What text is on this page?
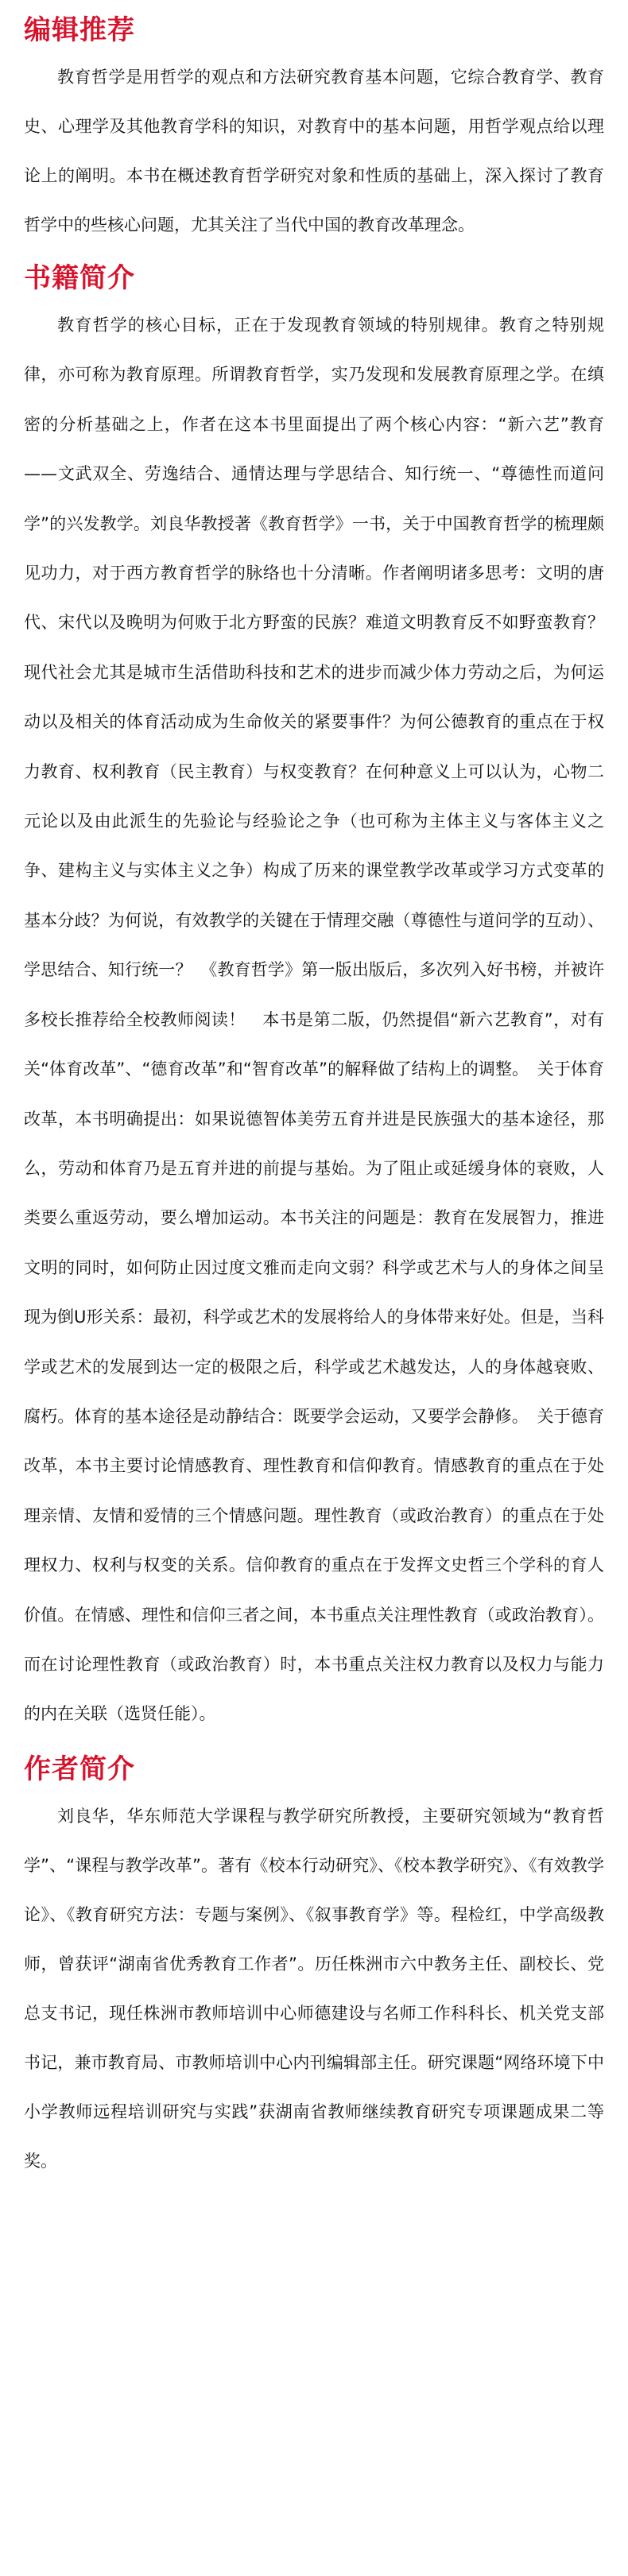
编辑推荐

教育哲学是用哲学的观点和方法研究教育基本问题，它综合教育学、教育史、心理学及其他教育学科的知识，对教育中的基本问题，用哲学观点给以理论上的阐明。本书在概述教育哲学研究对象和性质的基础上，深入探讨了教育哲学中的些核心问题，尤其关注了当代中国的教育改革理念。

书籍简介

教育哲学的核心目标，正在于发现教育领域的特别规律。教育之特别规律，亦可称为教育原理。所谓教育哲学，实乃发现和发展教育原理之学。在缜密的分析基础之上，作者在这本书里面提出了两个核心内容：“新六艺”教育——文武双全、劳逸结合、通情达理与学思结合、知行统一、“尊德性而道问学”的兴发教学。刘良华教授著《教育哲学》一书，关于中国教育哲学的梳理颇见功力，对于西方教育哲学的脉络也十分清晰。作者阐明诸多思考：文明的唐代、宋代以及晚明为何败于北方野蛮的民族？难道文明教育反不如野蛮教育？现代社会尤其是城市生活借助科技和艺术的进步而减少体力劳动之后，为何运动以及相关的体育活动成为生命攸关的紧要事件？为何公德教育的重点在于权力教育、权利教育（民主教育）与权变教育？在何种意义上可以认为，心物二元论以及由此派生的先验论与经验论之争（也可称为主体主义与客体主义之争、建构主义与实体主义之争）构成了历来的课堂教学改革或学习方式变革的基本分歧？为何说，有效教学的关键在于情理交融（尊德性与道问学的互动）、学思结合、知行统一？　《教育哲学》第一版出版后，多次列入好书榜，并被许多校长推荐给全校教师阅读！　本书是第二版，仍然提倡“新六艺教育”，对有关“体育改革”、“德育改革”和“智育改革”的解释做了结构上的调整。　关于体育改革，本书明确提出：如果说德智体美劳五育并进是民族强大的基本途径，那么，劳动和体育乃是五育并进的前提与基始。为了阻止或延缓身体的衰败，人类要么重返劳动，要么增加运动。本书关注的问题是：教育在发展智力，推进文明的同时，如何防止因过度文雅而走向文弱？科学或艺术与人的身体之间呈现为倒U形关系：最初，科学或艺术的发展将给人的身体带来好处。但是，当科学或艺术的发展到达一定的极限之后，科学或艺术越发达，人的身体越衰败、腐朽。体育的基本途径是动静结合：既要学会运动，又要学会静修。　关于德育改革，本书主要讨论情感教育、理性教育和信仰教育。情感教育的重点在于处理亲情、友情和爱情的三个情感问题。理性教育（或政治教育）的重点在于处理权力、权利与权变的关系。信仰教育的重点在于发挥文史哲三个学科的育人价值。在情感、理性和信仰三者之间，本书重点关注理性教育（或政治教育）。而在讨论理性教育（或政治教育）时，本书重点关注权力教育以及权力与能力的内在关联（选贤任能）。

作者简介

刘良华，华东师范大学课程与教学研究所教授，主要研究领域为“教育哲学”、“课程与教学改革”。著有《校本行动研究》、《校本教学研究》、《有效教学论》、《教育研究方法：专题与案例》、《叙事教育学》等。程检红，中学高级教师，曾获评“湖南省优秀教育工作者”。历任株洲市六中教务主任、副校长、党总支书记，现任株洲市教师培训中心师德建设与名师工作科科长、机关党支部书记，兼市教育局、市教师培训中心内刊编辑部主任。研究课题“网络环境下中小学教师远程培训研究与实践”获湖南省教师继续教育研究专项课题成果二等奖。
